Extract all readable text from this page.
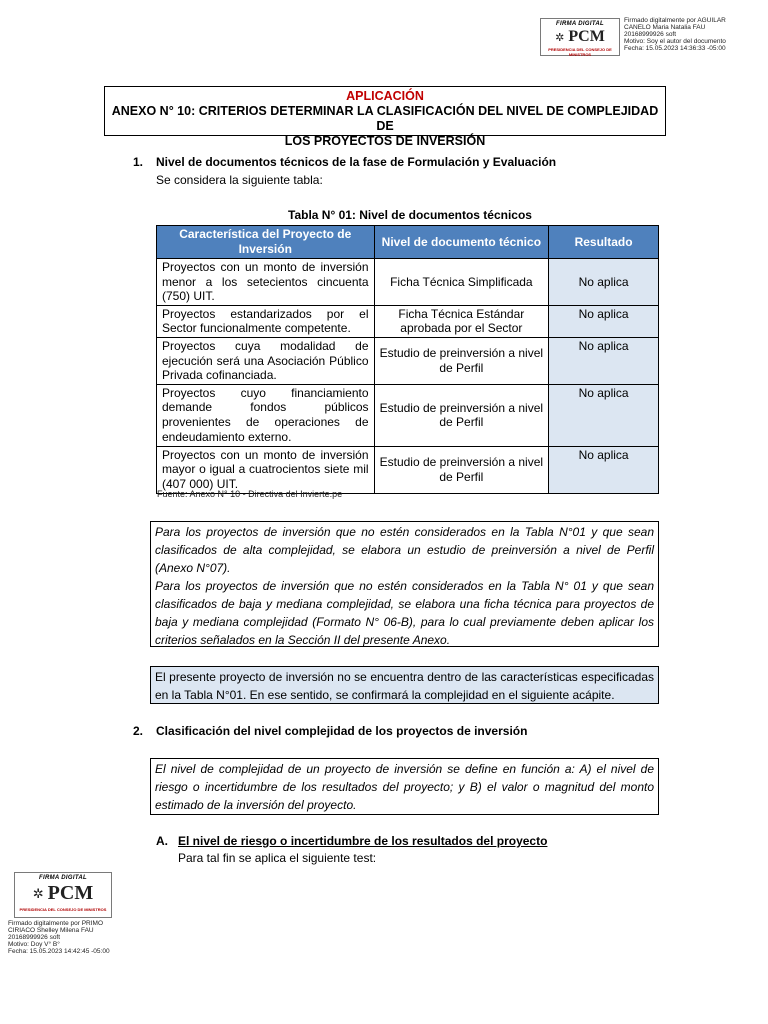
FIRMA DIGITAL
✲ PCM
PRESIDENCIA DEL CONSEJO DE MINISTROS
Firmado digitalmente por AGUILAR
CANELO Maria Natalia FAU
20168999926 soft
Motivo: Soy el autor del documento
Fecha: 15.05.2023 14:36:33 -05:00
APLICACIÓN
ANEXO N° 10: CRITERIOS DETERMINAR LA CLASIFICACIÓN DEL NIVEL DE COMPLEJIDAD DE
LOS PROYECTOS DE INVERSIÓN
1. Nivel de documentos técnicos de la fase de Formulación y Evaluación
Se considera la siguiente tabla:
Tabla N° 01: Nivel de documentos técnicos
Característica del Proyecto de Inversión	Nivel de documento técnico	Resultado
Proyectos con un monto de inversión menor a los setecientos cincuenta (750) UIT.	Ficha Técnica Simplificada	No aplica
Proyectos estandarizados por el Sector funcionalmente competente.	Ficha Técnica Estándar aprobada por el Sector	No aplica
Proyectos cuya modalidad de ejecución será una Asociación Público Privada cofinanciada.	Estudio de preinversión a nivel de Perfil	No aplica
Proyectos cuyo financiamiento demande fondos públicos provenientes de operaciones de endeudamiento externo.	Estudio de preinversión a nivel de Perfil	No aplica
Proyectos con un monto de inversión mayor o igual a cuatrocientos siete mil (407 000) UIT.	Estudio de preinversión a nivel de Perfil	No aplica
Fuente: Anexo N° 10 - Directiva del Invierte.pe
Para los proyectos de inversión que no estén considerados en la Tabla N°01 y que sean clasificados de alta complejidad, se elabora un estudio de preinversión a nivel de Perfil (Anexo N°07).
Para los proyectos de inversión que no estén considerados en la Tabla N° 01 y que sean clasificados de baja y mediana complejidad, se elabora una ficha técnica para proyectos de baja y mediana complejidad (Formato N° 06-B), para lo cual previamente deben aplicar los criterios señalados en la Sección II del presente Anexo.
El presente proyecto de inversión no se encuentra dentro de las características especificadas en la Tabla N°01. En ese sentido, se confirmará la complejidad en el siguiente acápite.
2. Clasificación del nivel complejidad de los proyectos de inversión
El nivel de complejidad de un proyecto de inversión se define en función a: A) el nivel de riesgo o incertidumbre de los resultados del proyecto; y B) el valor o magnitud del monto estimado de la inversión del proyecto.
A. El nivel de riesgo o incertidumbre de los resultados del proyecto
Para tal fin se aplica el siguiente test:
FIRMA DIGITAL
✲ PCM
PRESIDENCIA DEL CONSEJO DE MINISTROS
Firmado digitalmente por PRIMO
CIRIACO Shelley Milena FAU
20168999926 soft
Motivo: Doy V° B°
Fecha: 15.05.2023 14:42:45 -05:00
